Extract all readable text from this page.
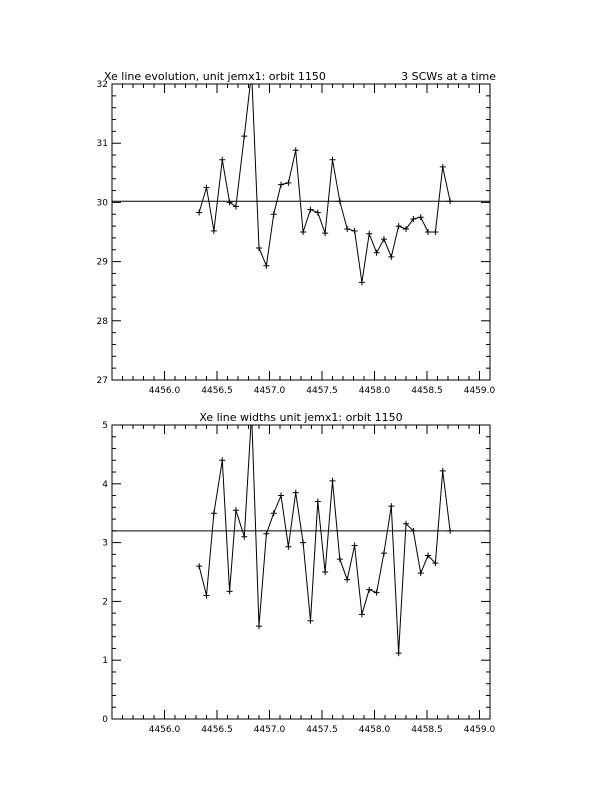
Xe line evolution, unit jemx1: orbit 1150	3 SCWs at a time
4456.0 4456.5 4457.0 4457.5 4458.0 4458.5 4459.0
27
28
29
30
31
32
Xe line widths unit jemx1: orbit 1150
4456.0 4456.5 4457.0 4457.5 4458.0 4458.5 4459.0
0
1
2
3
4
5
